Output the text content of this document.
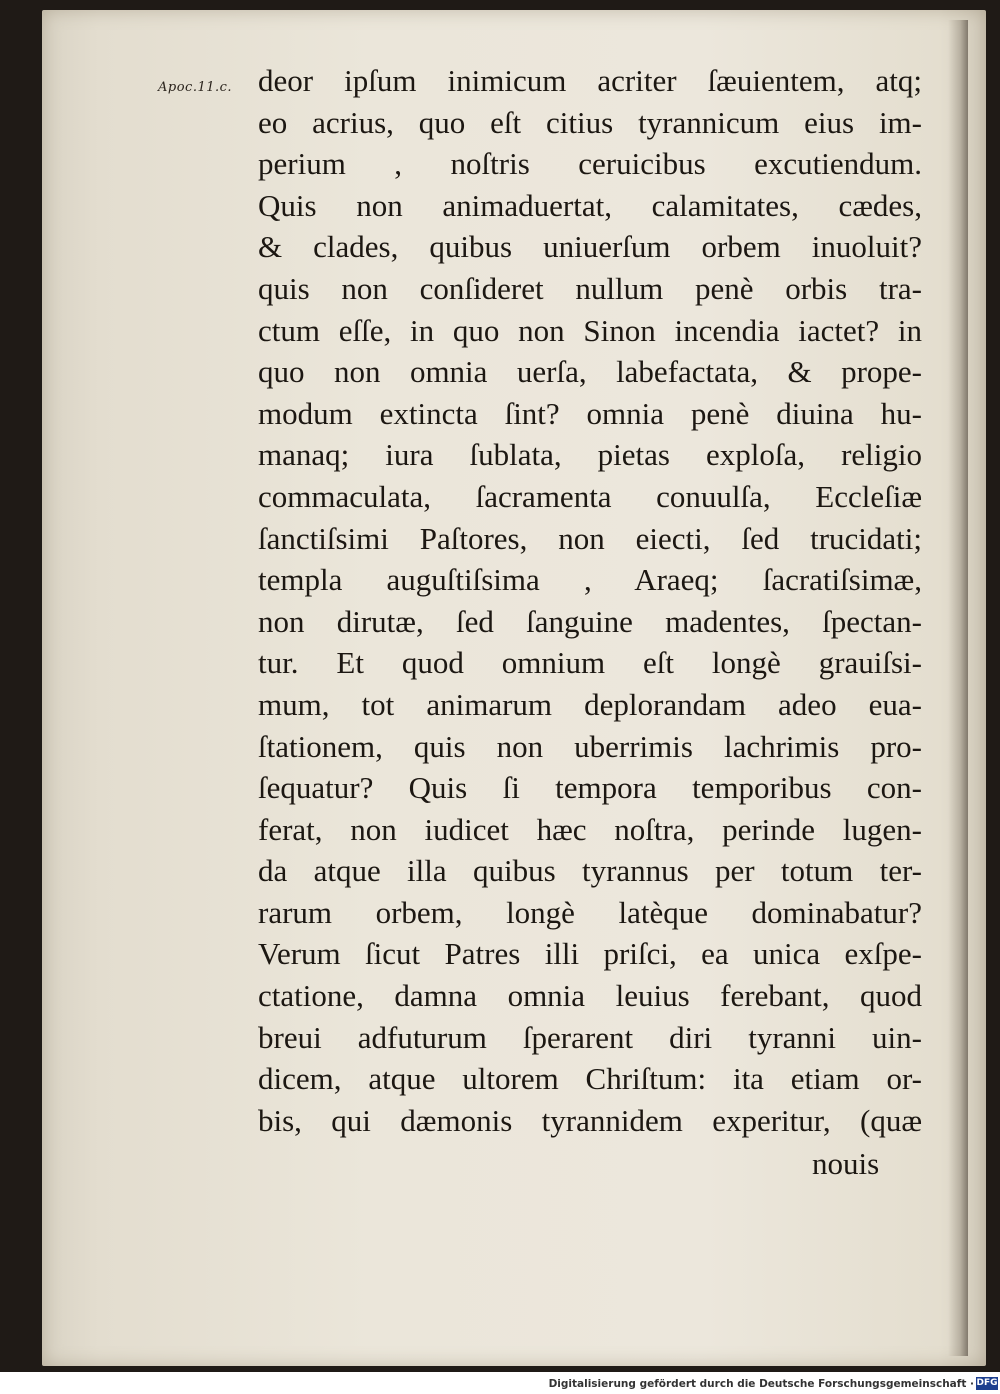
Apoc.11.c. deor ipſum inimicum acriter ſæuientem, atq;
eo acrius, quo eſt citius tyrannicum eius im-
perium , noſtris ceruicibus excutiendum.
Quis non animaduertat, calamitates, cædes,
& clades, quibus uniuerſum orbem inuoluit?
quis non conſideret nullum penè orbis tra-
ctum eſſe, in quo non Sinon incendia iactet? in
quo non omnia uerſa, labefactata, & prope-
modum extincta ſint? omnia penè diuina hu-
manaq; iura ſublata, pietas exploſa, religio
commaculata, ſacramenta conuulſa, Eccleſiæ
ſanctiſsimi Paſtores, non eiecti, ſed trucidati;
templa auguſtiſsima , Araeq; ſacratiſsimæ,
non dirutæ, ſed ſanguine madentes, ſpectan-
tur. Et quod omnium eſt longè grauiſsi-
mum, tot animarum deplorandam adeo eua-
ſtationem, quis non uberrimis lachrimis pro-
ſequatur? Quis ſi tempora temporibus con-
ferat, non iudicet hæc noſtra, perinde lugen-
da atque illa quibus tyrannus per totum ter-
rarum orbem, longè latèque dominabatur?
Verum ſicut Patres illi priſci, ea unica exſpe-
ctatione, damna omnia leuius ferebant, quod
breui adfuturum ſperarent diri tyranni uin-
dicem, atque ultorem Chriſtum: ita etiam or-
bis, qui dæmonis tyrannidem experitur, (quæ
nouis
Digitalisierung gefördert durch die Deutsche Forschungsgemeinschaft · DFG
